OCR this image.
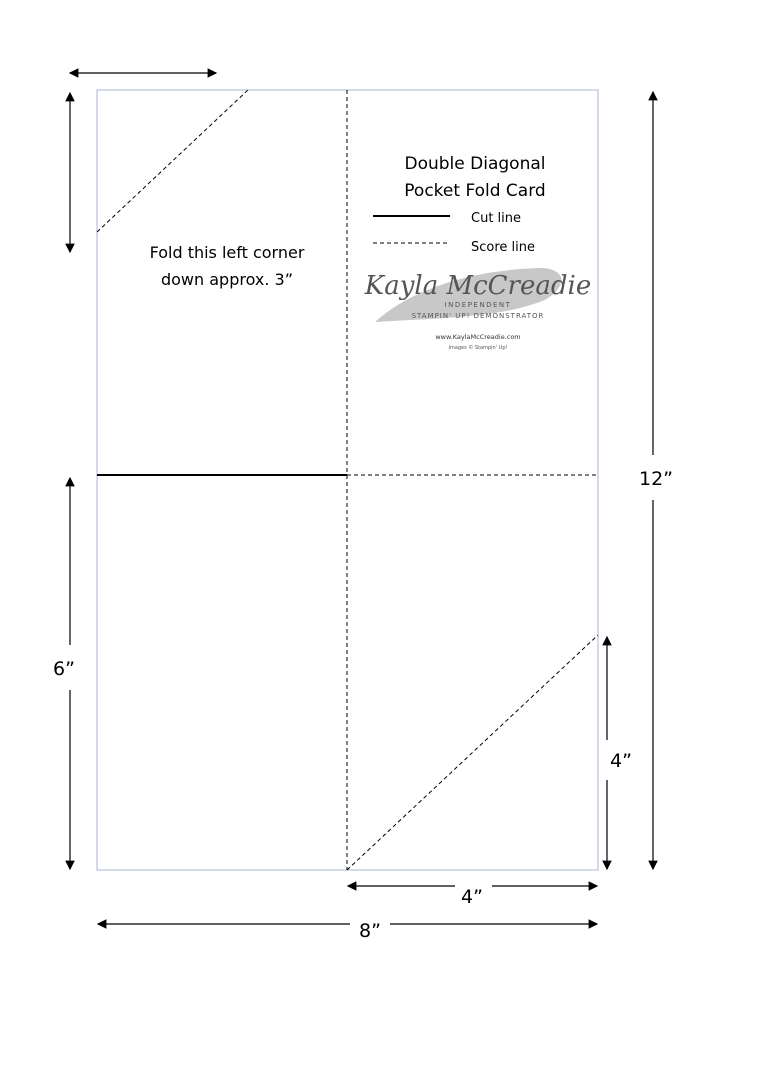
Double Diagonal
Pocket Fold Card
Cut line
Score line
Kayla McCreadie
INDEPENDENT
STAMPIN' UP! DEMONSTRATOR
www.KaylaMcCreadie.com
Images © Stampin' Up!
Fold this left corner
down approx. 3”
6”
12”
4”
4”
8”
